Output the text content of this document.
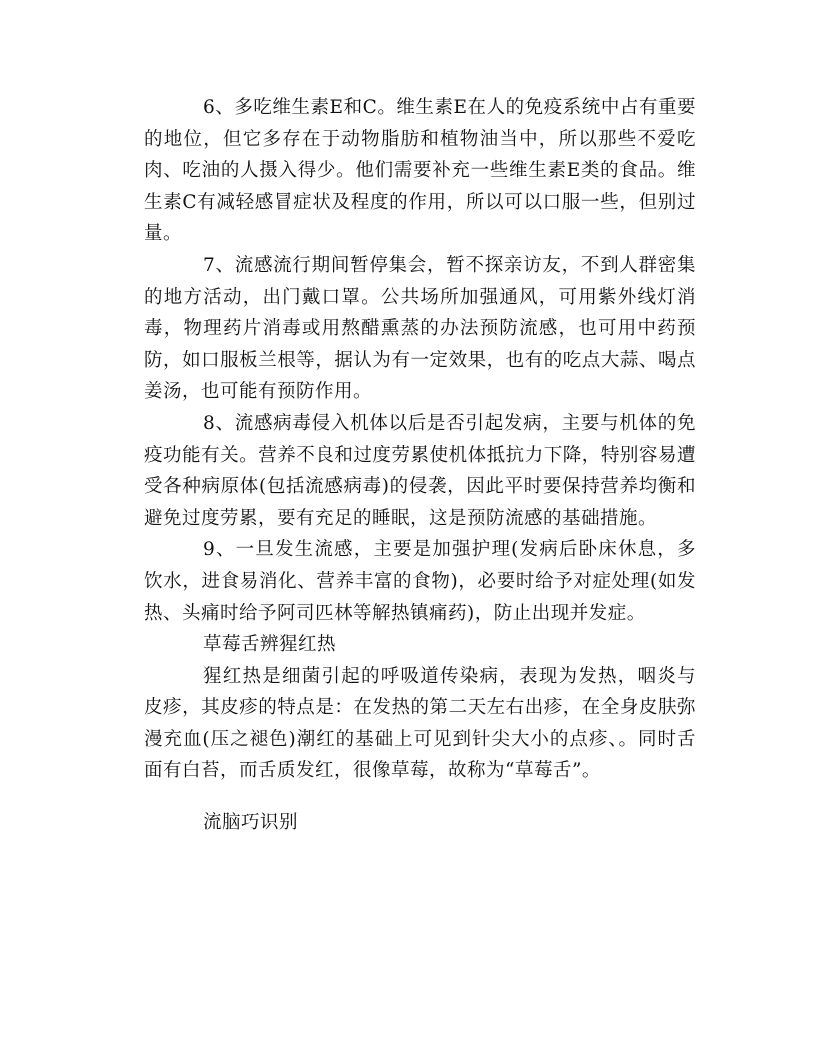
6、多吃维生素E和C。维生素E在人的免疫系统中占有重要的地位，但它多存在于动物脂肪和植物油当中，所以那些不爱吃肉、吃油的人摄入得少。他们需要补充一些维生素E类的食品。维生素C有减轻感冒症状及程度的作用，所以可以口服一些，但别过量。

7、流感流行期间暂停集会，暂不探亲访友，不到人群密集的地方活动，出门戴口罩。公共场所加强通风，可用紫外线灯消毒，物理药片消毒或用熬醋熏蒸的办法预防流感，也可用中药预防，如口服板兰根等，据认为有一定效果，也有的吃点大蒜、喝点姜汤，也可能有预防作用。

8、流感病毒侵入机体以后是否引起发病，主要与机体的免疫功能有关。营养不良和过度劳累使机体抵抗力下降，特别容易遭受各种病原体(包括流感病毒)的侵袭，因此平时要保持营养均衡和避免过度劳累，要有充足的睡眠，这是预防流感的基础措施。

9、一旦发生流感，主要是加强护理(发病后卧床休息，多饮水，进食易消化、营养丰富的食物)，必要时给予对症处理(如发热、头痛时给予阿司匹林等解热镇痛药)，防止出现并发症。

草莓舌辨猩红热

猩红热是细菌引起的呼吸道传染病，表现为发热，咽炎与皮疹，其皮疹的特点是：在发热的第二天左右出疹，在全身皮肤弥漫充血(压之褪色)潮红的基础上可见到针尖大小的点疹、。同时舌面有白苔，而舌质发红，很像草莓，故称为“草莓舌”。

流脑巧识别
